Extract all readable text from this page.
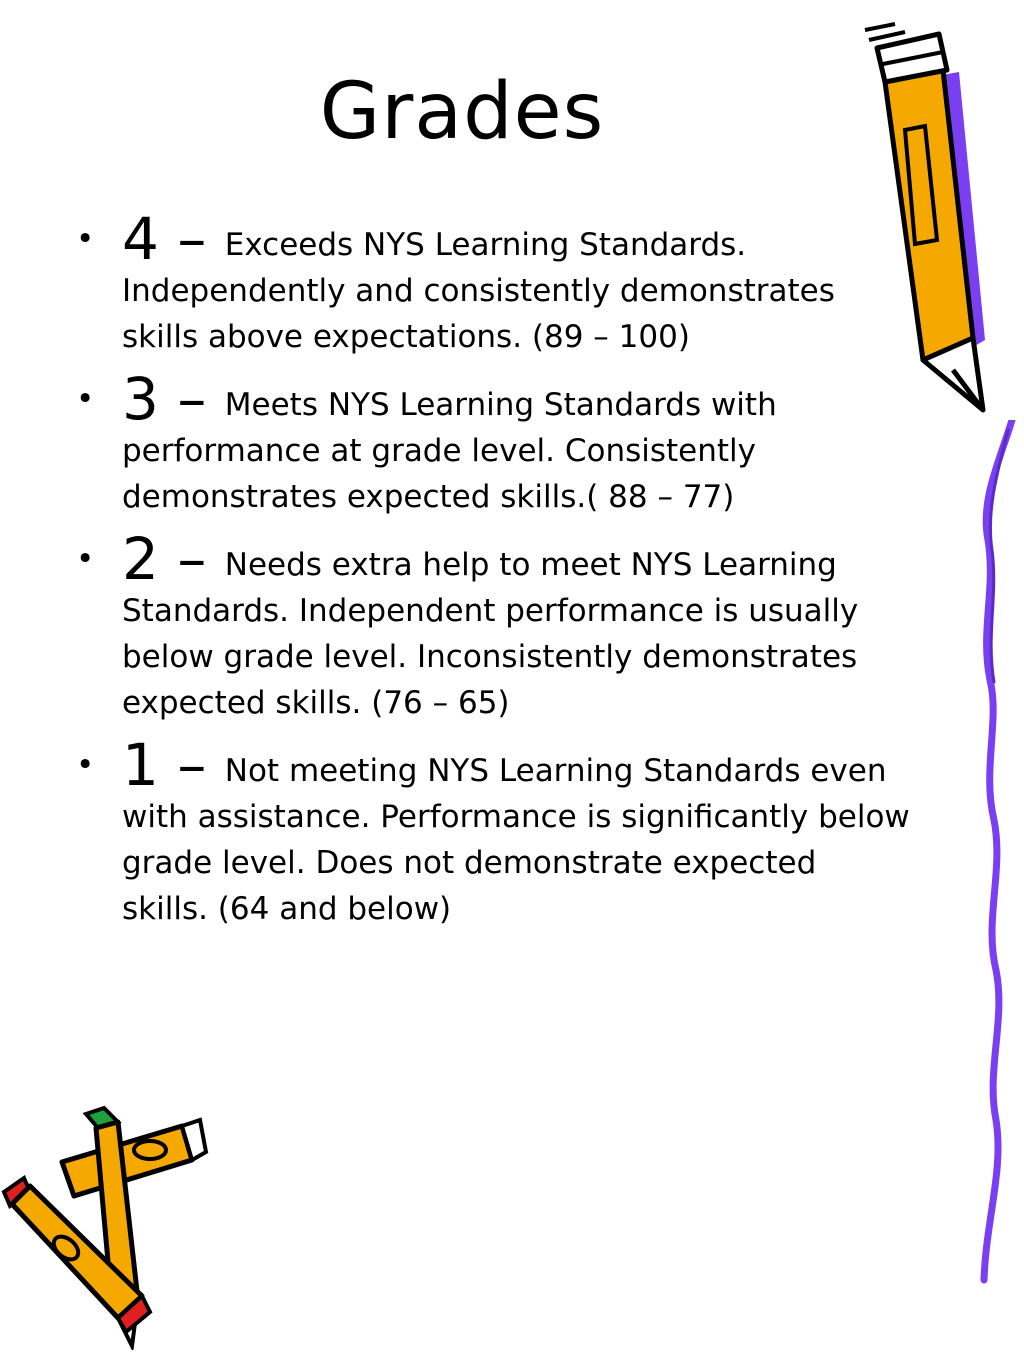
Grades
• 4 – Exceeds NYS Learning Standards. Independently and consistently demonstrates skills above expectations. (89 – 100)
• 3 – Meets NYS Learning Standards with performance at grade level. Consistently demonstrates expected skills.( 88 – 77)
• 2 – Needs extra help to meet NYS Learning Standards. Independent performance is usually below grade level. Inconsistently demonstrates expected skills. (76 – 65)
• 1 – Not meeting NYS Learning Standards even with assistance. Performance is significantly below grade level. Does not demonstrate expected skills. (64 and below)
